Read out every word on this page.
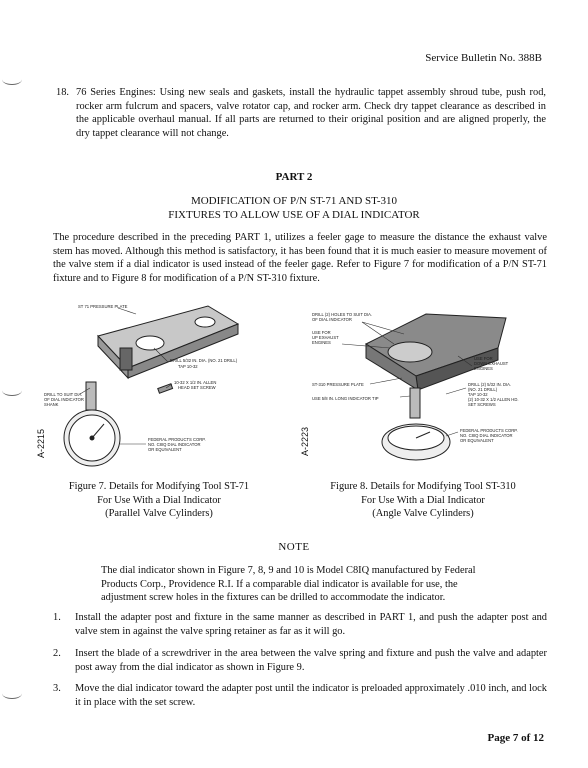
Service Bulletin No. 388B
18. 76 Series Engines: Using new seals and gaskets, install the hydraulic tappet assembly shroud tube, push rod, rocker arm fulcrum and spacers, valve rotator cap, and rocker arm. Check dry tappet clearance as described in the applicable overhaul manual. If all parts are returned to their original position and are aligned properly, the dry tappet clearance will not change.
PART 2
MODIFICATION OF P/N ST-71 AND ST-310
FIXTURES TO ALLOW USE OF A DIAL INDICATOR
The procedure described in the preceding PART 1, utilizes a feeler gage to measure the distance the exhaust valve stem has moved. Although this method is satisfactory, it has been found that it is much easier to measure movement of the valve stem if a dial indicator is used instead of the feeler gage. Refer to Figure 7 for modification of a P/N ST-71 fixture and to Figure 8 for modification of a P/N ST-310 fixture.
ST 71 PRESSURE PLATE
DRILL 5/32 IN. DIA. (NO. 21 DRILL)
TAP 10-32
10-32 X 1/2 IN. ALLEN
HEAD SET SCREW
DRILL TO SUIT DIA.
OF DIAL INDICATOR
SHANK
FEDERAL PRODUCTS CORP.
NO. C8IQ DIAL INDICATOR
OR EQUIVALENT
A-2215
DRILL (2) HOLES TO SUIT DIA.
OF DIAL INDICATOR
USE FOR
UP EXHAUST
ENGINES
USE FOR
DOWN EXHAUST
ENGINES
ST-310 PRESSURE PLATE
USE 5/8 IN. LONG INDICATOR TIP
DRILL (2) 5/32 IN. DIA.
(NO. 21 DRILL)
TAP 10-32
(2) 10-32 X 1/2 ALLEN HD.
SET SCREWS
FEDERAL PRODUCTS CORP.
NO. C8IQ DIAL INDICATOR
OR EQUIVALENT
A-2223
Figure 7. Details for Modifying Tool ST-71
For Use With a Dial Indicator
(Parallel Valve Cylinders)
Figure 8. Details for Modifying Tool ST-310
For Use With a Dial Indicator
(Angle Valve Cylinders)
NOTE
The dial indicator shown in Figure 7, 8, 9 and 10 is Model C8IQ manufactured by Federal Products Corp., Providence R.I. If a comparable dial indicator is available for use, the adjustment screw holes in the fixtures can be drilled to accommodate the indicator.
1.	Install the adapter post and fixture in the same manner as described in PART 1, and push the adapter post and valve stem in against the valve spring retainer as far as it will go.
2.	Insert the blade of a screwdriver in the area between the valve spring and fixture and push the valve and adapter post away from the dial indicator as shown in Figure 9.
3.	Move the dial indicator toward the adapter post until the indicator is preloaded approximately .010 inch, and lock it in place with the set screw.
Page 7 of 12
